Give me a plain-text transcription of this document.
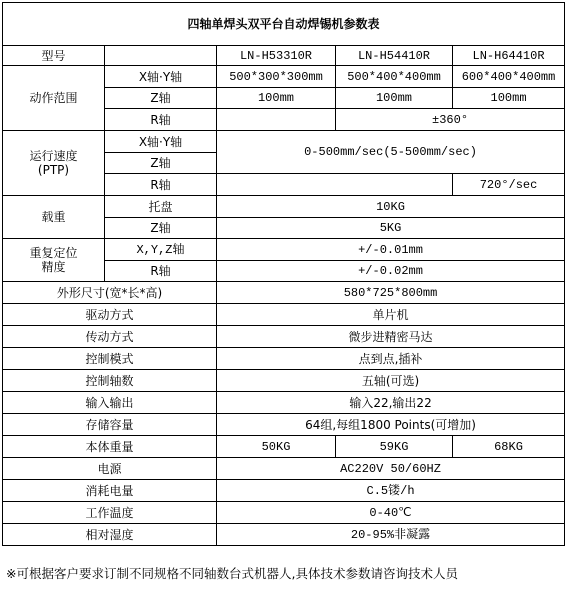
四轴单焊头双平台自动焊锡机参数表				
型号		LN-H53310R	LN-H54410R	LN-H64410R
动作范围	X轴·Y轴	500*300*300mm	500*400*400mm	600*400*400mm
	Z轴	100mm	100mm	100mm
	R轴		±360°	
运行速度
(PTP)	X轴·Y轴	0-500mm/sec(5-500mm/sec)		
	Z轴			
	R轴			720°/sec
载重	托盘	10KG		
	Z轴	5KG		
重复定位
精度	X,Y,Z轴	+/-0.01mm		
	R轴	+/-0.02mm		
外形尺寸(宽*长*高)		580*725*800mm		
驱动方式		单片机		
传动方式		微步进精密马达		
控制模式		点到点,插补		
控制轴数		五轴(可选)		
输入输出		输入22,输出22		
存储容量		64组,每组1800 Points(可增加)		
本体重量		50KG	59KG	68KG
电源		AC220V 50/60HZ		
消耗电量		C.5镂/h		
工作温度		0-40℃		
相对湿度		20-95%非凝露		
※可根据客户要求订制不同规格不同轴数台式机器人,具体技术参数请咨询技术人员
